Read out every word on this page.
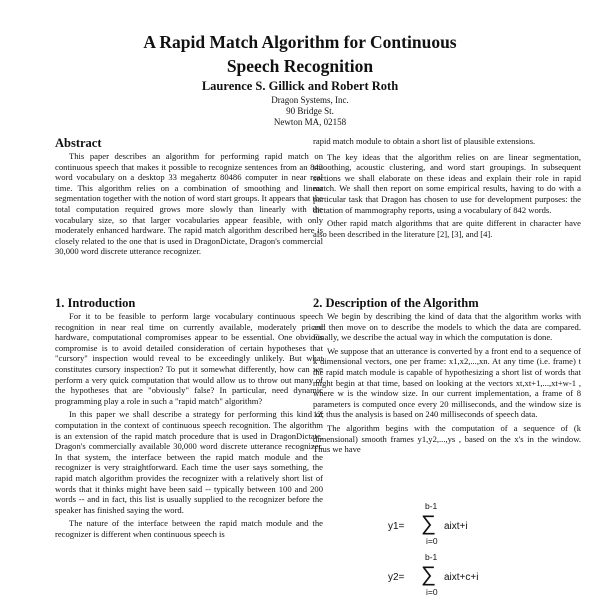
A Rapid Match Algorithm for Continuous
Speech Recognition
Laurence S. Gillick and Robert Roth
Dragon Systems, Inc.
90 Bridge St.
Newton MA, 02158
Abstract

This paper describes an algorithm for performing rapid match on continuous speech that makes it possible to recognize sentences from an 842 word vocabulary on a desktop 33 megahertz 80486 computer in near real time. This algorithm relies on a combination of smoothing and linear segmentation together with the notion of word start groups. It appears that the total computation required grows more slowly than linearly with the vocabulary size, so that larger vocabularies appear feasible, with only moderately enhanced hardware. The rapid match algorithm described here is closely related to the one that is used in DragonDictate, Dragon's commercial 30,000 word discrete utterance recognizer.

1. Introduction

For it to be feasible to perform large vocabulary continuous speech recognition in near real time on currently available, moderately priced hardware, computational compromises appear to be essential. One obvious compromise is to avoid detailed consideration of certain hypotheses that "cursory" inspection would reveal to be exceedingly unlikely. But what constitutes cursory inspection? To put it somewhat differently, how can we perform a very quick computation that would allow us to throw out many of the hypotheses that are "obviously" false? In particular, need dynamic programming play a role in such a "rapid match" algorithm?

In this paper we shall describe a strategy for performing this kind of computation in the context of continuous speech recognition. The algorithm is an extension of the rapid match procedure that is used in DragonDictate, Dragon's commercially available 30,000 word discrete utterance recognizer. In that system, the interface between the rapid match module and the recognizer is very straightforward. Each time the user says something, the rapid match algorithm provides the recognizer with a relatively short list of words that it thinks might have been said -- typically between 100 and 200 words -- and in fact, this list is usually supplied to the recognizer before the speaker has finished saying the word.

The nature of the interface between the rapid match module and the recognizer is different when continuous speech is

rapid match module to obtain a short list of plausible extensions.

The key ideas that the algorithm relies on are linear segmentation, smoothing, acoustic clustering, and word start groupings. In subsequent sections we shall elaborate on these ideas and explain their role in rapid match. We shall then report on some empirical results, having to do with a particular task that Dragon has chosen to use for development purposes: the dictation of mammography reports, using a vocabulary of 842 words.

Other rapid match algorithms that are quite different in character have also been described in the literature [2], [3], and [4].

2. Description of the Algorithm

We begin by describing the kind of data that the algorithm works with and then move on to describe the models to which the data are compared. Finally, we describe the actual way in which the computation is done.

We suppose that an utterance is converted by a front end to a sequence of k dimensional vectors, one per frame: x1,x2,...,xn. At any time (i.e. frame) t the rapid match module is capable of hypothesizing a short list of words that might begin at that time, based on looking at the vectors xt,xt+1,...,xt+w-1 , where w is the window size. In our current implementation, a frame of 8 parameters is computed once every 20 milliseconds, and the window size is 12; thus the analysis is based on 240 milliseconds of speech data.

The algorithm begins with the computation of a sequence of (k dimensional) smooth frames y1,y2,...,ys , based on the x's in the window. Thus we have

y1=
b-1
∑
i=0
aixt+i
y2=
b-1
∑
i=0
aixt+c+i
